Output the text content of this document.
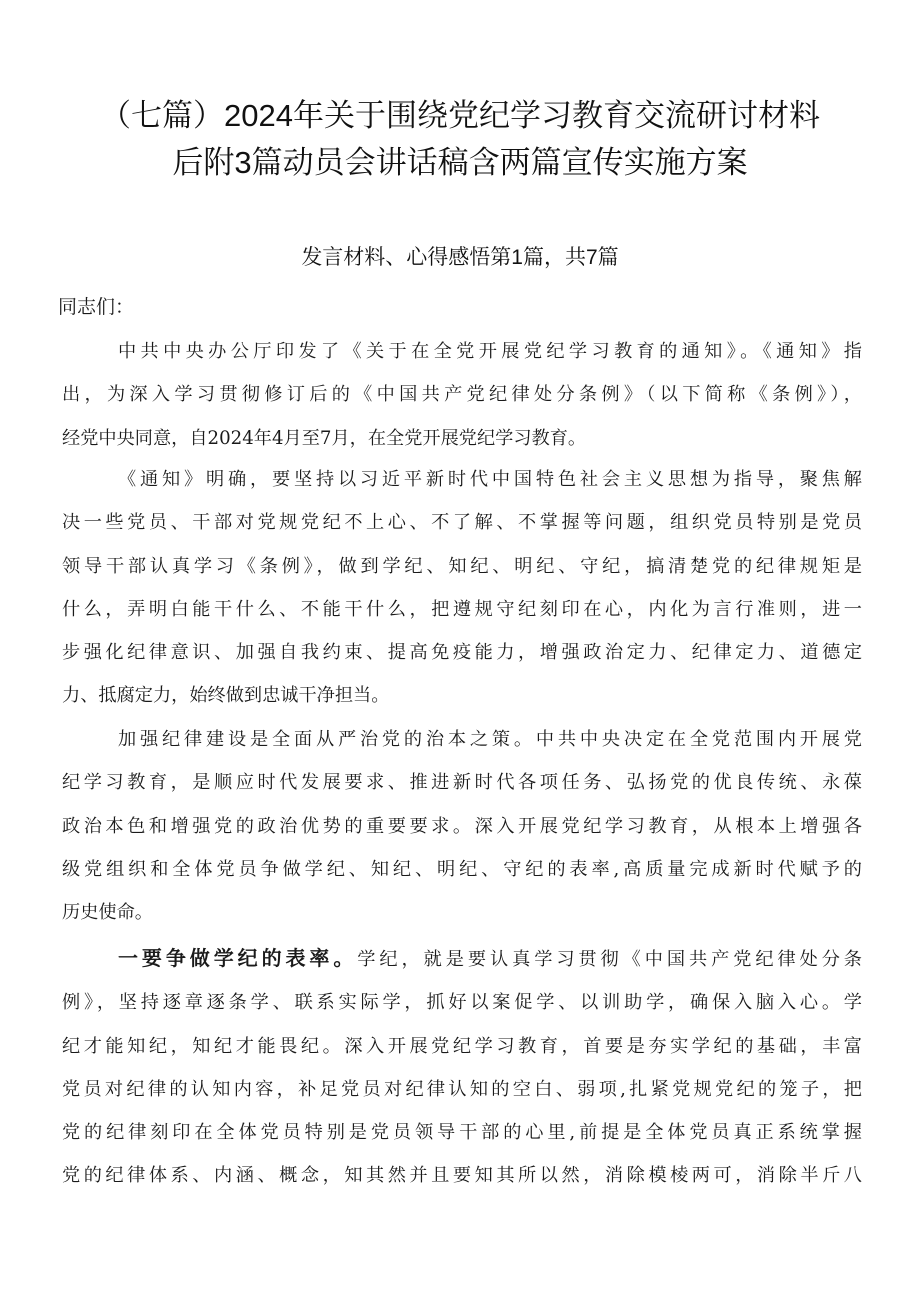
（七篇）2024年关于围绕党纪学习教育交流研讨材料
后附3篇动员会讲话稿含两篇宣传实施方案
发言材料、心得感悟第1篇，共7篇

同志们：

中共中央办公厅印发了《关于在全党开展党纪学习教育的通知》。《通知》指
出，为深入学习贯彻修订后的《中国共产党纪律处分条例》（以下简称《条例》），
经党中央同意，自2024年4月至7月，在全党开展党纪学习教育。
《通知》明确，要坚持以习近平新时代中国特色社会主义思想为指导，聚焦解
决一些党员、干部对党规党纪不上心、不了解、不掌握等问题，组织党员特别是党员
领导干部认真学习《条例》，做到学纪、知纪、明纪、守纪，搞清楚党的纪律规矩是
什么，弄明白能干什么、不能干什么，把遵规守纪刻印在心，内化为言行准则，进一
步强化纪律意识、加强自我约束、提高免疫能力，增强政治定力、纪律定力、道德定
力、抵腐定力，始终做到忠诚干净担当。
加强纪律建设是全面从严治党的治本之策。中共中央决定在全党范围内开展党
纪学习教育，是顺应时代发展要求、推进新时代各项任务、弘扬党的优良传统、永葆
政治本色和增强党的政治优势的重要要求。深入开展党纪学习教育，从根本上增强各
级党组织和全体党员争做学纪、知纪、明纪、守纪的表率,高质量完成新时代赋予的
历史使命。
一要争做学纪的表率。学纪，就是要认真学习贯彻《中国共产党纪律处分条
例》，坚持逐章逐条学、联系实际学，抓好以案促学、以训助学，确保入脑入心。学
纪才能知纪，知纪才能畏纪。深入开展党纪学习教育，首要是夯实学纪的基础，丰富
党员对纪律的认知内容，补足党员对纪律认知的空白、弱项,扎紧党规党纪的笼子，把
党的纪律刻印在全体党员特别是党员领导干部的心里,前提是全体党员真正系统掌握
党的纪律体系、内涵、概念，知其然并且要知其所以然，消除模棱两可，消除半斤八
